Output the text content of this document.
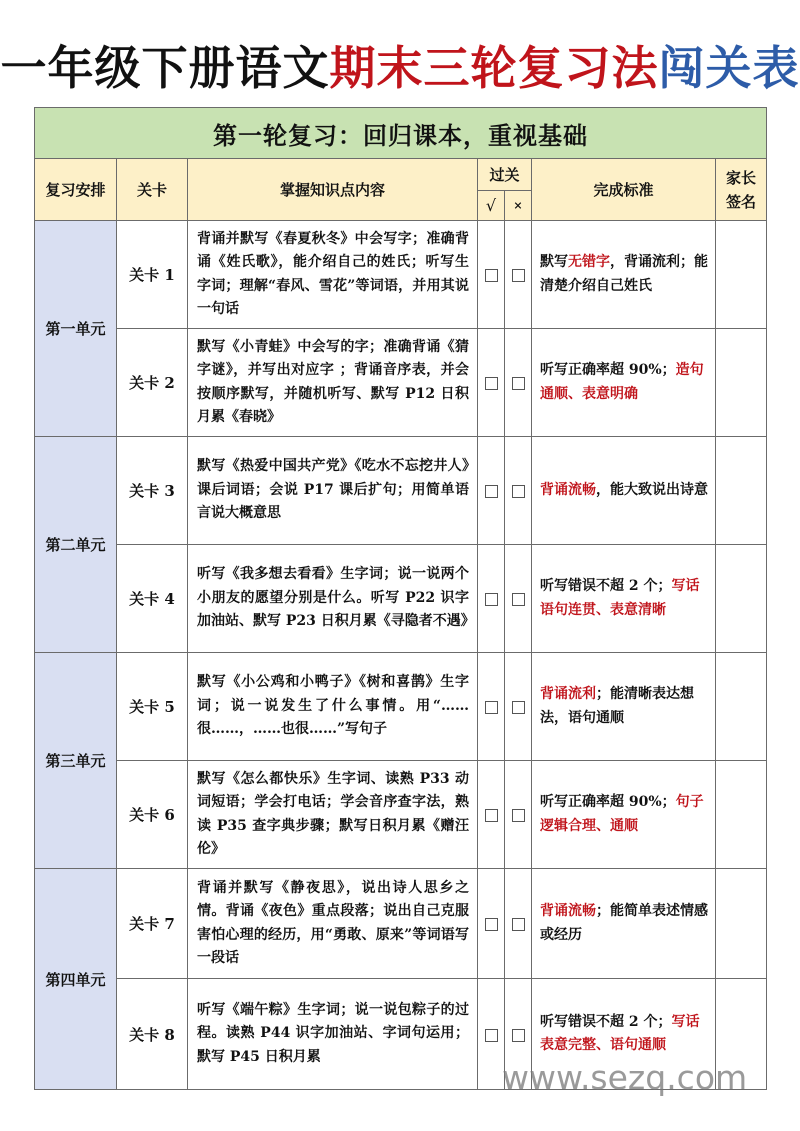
一年级下册语文期末三轮复习法闯关表
第一轮复习：回归课本，重视基础						
复习安排	关卡	掌握知识点内容	过关		完成标准	家长签名
			√	×		
第一单元	关卡 1	背诵并默写《春夏秋冬》中会写字；准确背诵《姓氏歌》，能介绍自己的姓氏；听写生字词；理解“春风、雪花”等词语，并用其说一句话			默写无错字，背诵流利；能清楚介绍自己姓氏	
	关卡 2	默写《小青蛙》中会写的字；准确背诵《猜字谜》，并写出对应字 ；背诵音序表，并会按顺序默写，并随机听写、默写 P12 日积月累《春晓》			听写正确率超 90%；造句通顺、表意明确	
第二单元	关卡 3	默写《热爱中国共产党》《吃水不忘挖井人》课后词语；会说 P17 课后扩句；用简单语言说大概意思			背诵流畅，能大致说出诗意	
	关卡 4	听写《我多想去看看》生字词；说一说两个小朋友的愿望分别是什么。听写 P22 识字加油站、默写 P23 日积月累《寻隐者不遇》			听写错误不超 2 个；写话语句连贯、表意清晰	
第三单元	关卡 5	默写《小公鸡和小鸭子》《树和喜鹊》生字词；说一说发生了什么事情。用“……很……，……也很……”写句子			背诵流利；能清晰表达想法，语句通顺	
	关卡 6	默写《怎么都快乐》生字词、读熟 P33 动词短语；学会打电话；学会音序查字法，熟读 P35 查字典步骤；默写日积月累《赠汪伦》			听写正确率超 90%；句子逻辑合理、通顺	
第四单元	关卡 7	背诵并默写《静夜思》，说出诗人思乡之情。背诵《夜色》重点段落；说出自己克服害怕心理的经历，用“勇敢、原来”等词语写一段话			背诵流畅；能简单表述情感或经历	
	关卡 8	听写《端午粽》生字词；说一说包粽子的过程。读熟 P44 识字加油站、字词句运用；默写 P45 日积月累			听写错误不超 2 个；写话表意完整、语句通顺	
www.sezq.com
